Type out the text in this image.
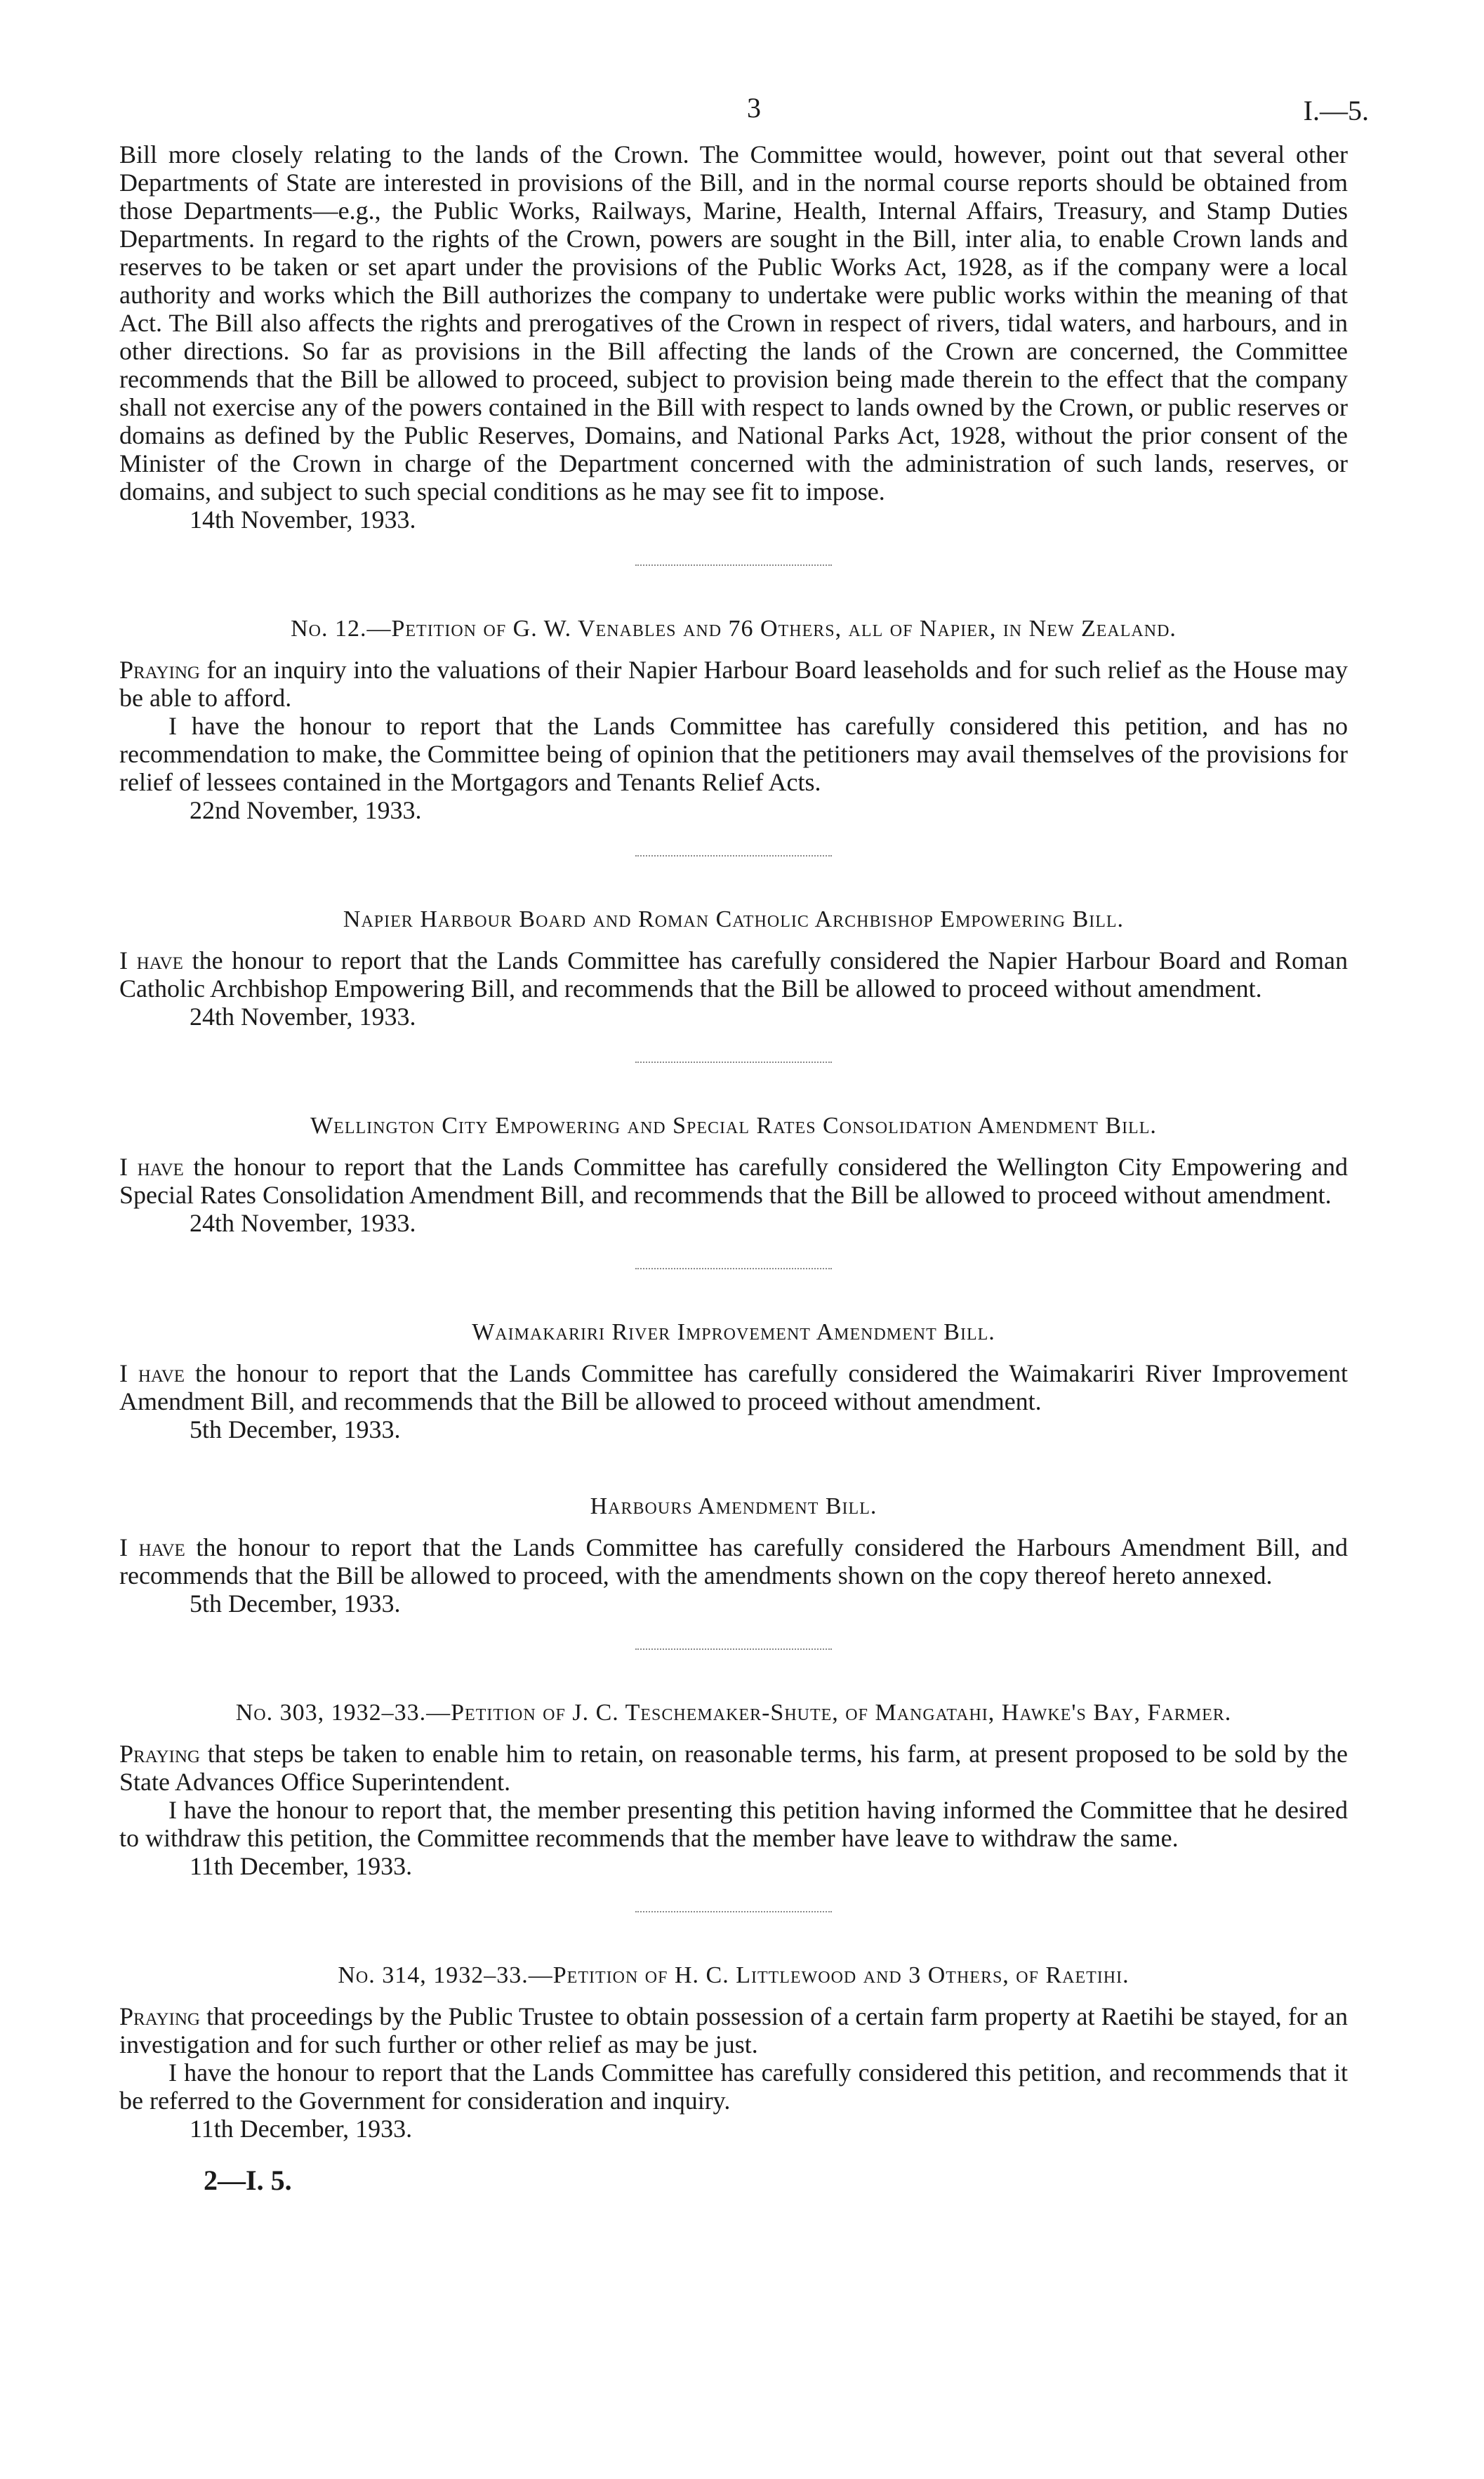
3	I.—5.

Bill more closely relating to the lands of the Crown. The Committee would, however, point out that several other Departments of State are interested in provisions of the Bill, and in the normal course reports should be obtained from those Departments—e.g., the Public Works, Railways, Marine, Health, Internal Affairs, Treasury, and Stamp Duties Departments. In regard to the rights of the Crown, powers are sought in the Bill, inter alia, to enable Crown lands and reserves to be taken or set apart under the provisions of the Public Works Act, 1928, as if the company were a local authority and works which the Bill authorizes the company to undertake were public works within the meaning of that Act. The Bill also affects the rights and prerogatives of the Crown in respect of rivers, tidal waters, and harbours, and in other directions. So far as provisions in the Bill affecting the lands of the Crown are concerned, the Committee recommends that the Bill be allowed to proceed, subject to provision being made therein to the effect that the company shall not exercise any of the powers contained in the Bill with respect to lands owned by the Crown, or public reserves or domains as defined by the Public Reserves, Domains, and National Parks Act, 1928, without the prior consent of the Minister of the Crown in charge of the Department concerned with the administration of such lands, reserves, or domains, and subject to such special conditions as he may see fit to impose.

14th November, 1933.
No. 12.—Petition of G. W. Venables and 76 Others, all of Napier, in New Zealand.

Praying for an inquiry into the valuations of their Napier Harbour Board leaseholds and for such relief as the House may be able to afford.

I have the honour to report that the Lands Committee has carefully considered this petition, and has no recommendation to make, the Committee being of opinion that the petitioners may avail themselves of the provisions for relief of lessees contained in the Mortgagors and Tenants Relief Acts.

22nd November, 1933.
Napier Harbour Board and Roman Catholic Archbishop Empowering Bill.

I have the honour to report that the Lands Committee has carefully considered the Napier Harbour Board and Roman Catholic Archbishop Empowering Bill, and recommends that the Bill be allowed to proceed without amendment.

24th November, 1933.
Wellington City Empowering and Special Rates Consolidation Amendment Bill.

I have the honour to report that the Lands Committee has carefully considered the Wellington City Empowering and Special Rates Consolidation Amendment Bill, and recommends that the Bill be allowed to proceed without amendment.

24th November, 1933.
Waimakariri River Improvement Amendment Bill.

I have the honour to report that the Lands Committee has carefully considered the Waimakariri River Improvement Amendment Bill, and recommends that the Bill be allowed to proceed without amendment.

5th December, 1933.
Harbours Amendment Bill.

I have the honour to report that the Lands Committee has carefully considered the Harbours Amendment Bill, and recommends that the Bill be allowed to proceed, with the amendments shown on the copy thereof hereto annexed.

5th December, 1933.
No. 303, 1932–33.—Petition of J. C. Teschemaker-Shute, of Mangatahi, Hawke's Bay, Farmer.

Praying that steps be taken to enable him to retain, on reasonable terms, his farm, at present proposed to be sold by the State Advances Office Superintendent.

I have the honour to report that, the member presenting this petition having informed the Committee that he desired to withdraw this petition, the Committee recommends that the member have leave to withdraw the same.

11th December, 1933.
No. 314, 1932–33.—Petition of H. C. Littlewood and 3 Others, of Raetihi.

Praying that proceedings by the Public Trustee to obtain possession of a certain farm property at Raetihi be stayed, for an investigation and for such further or other relief as may be just.

I have the honour to report that the Lands Committee has carefully considered this petition, and recommends that it be referred to the Government for consideration and inquiry.

11th December, 1933.
2—I. 5.
